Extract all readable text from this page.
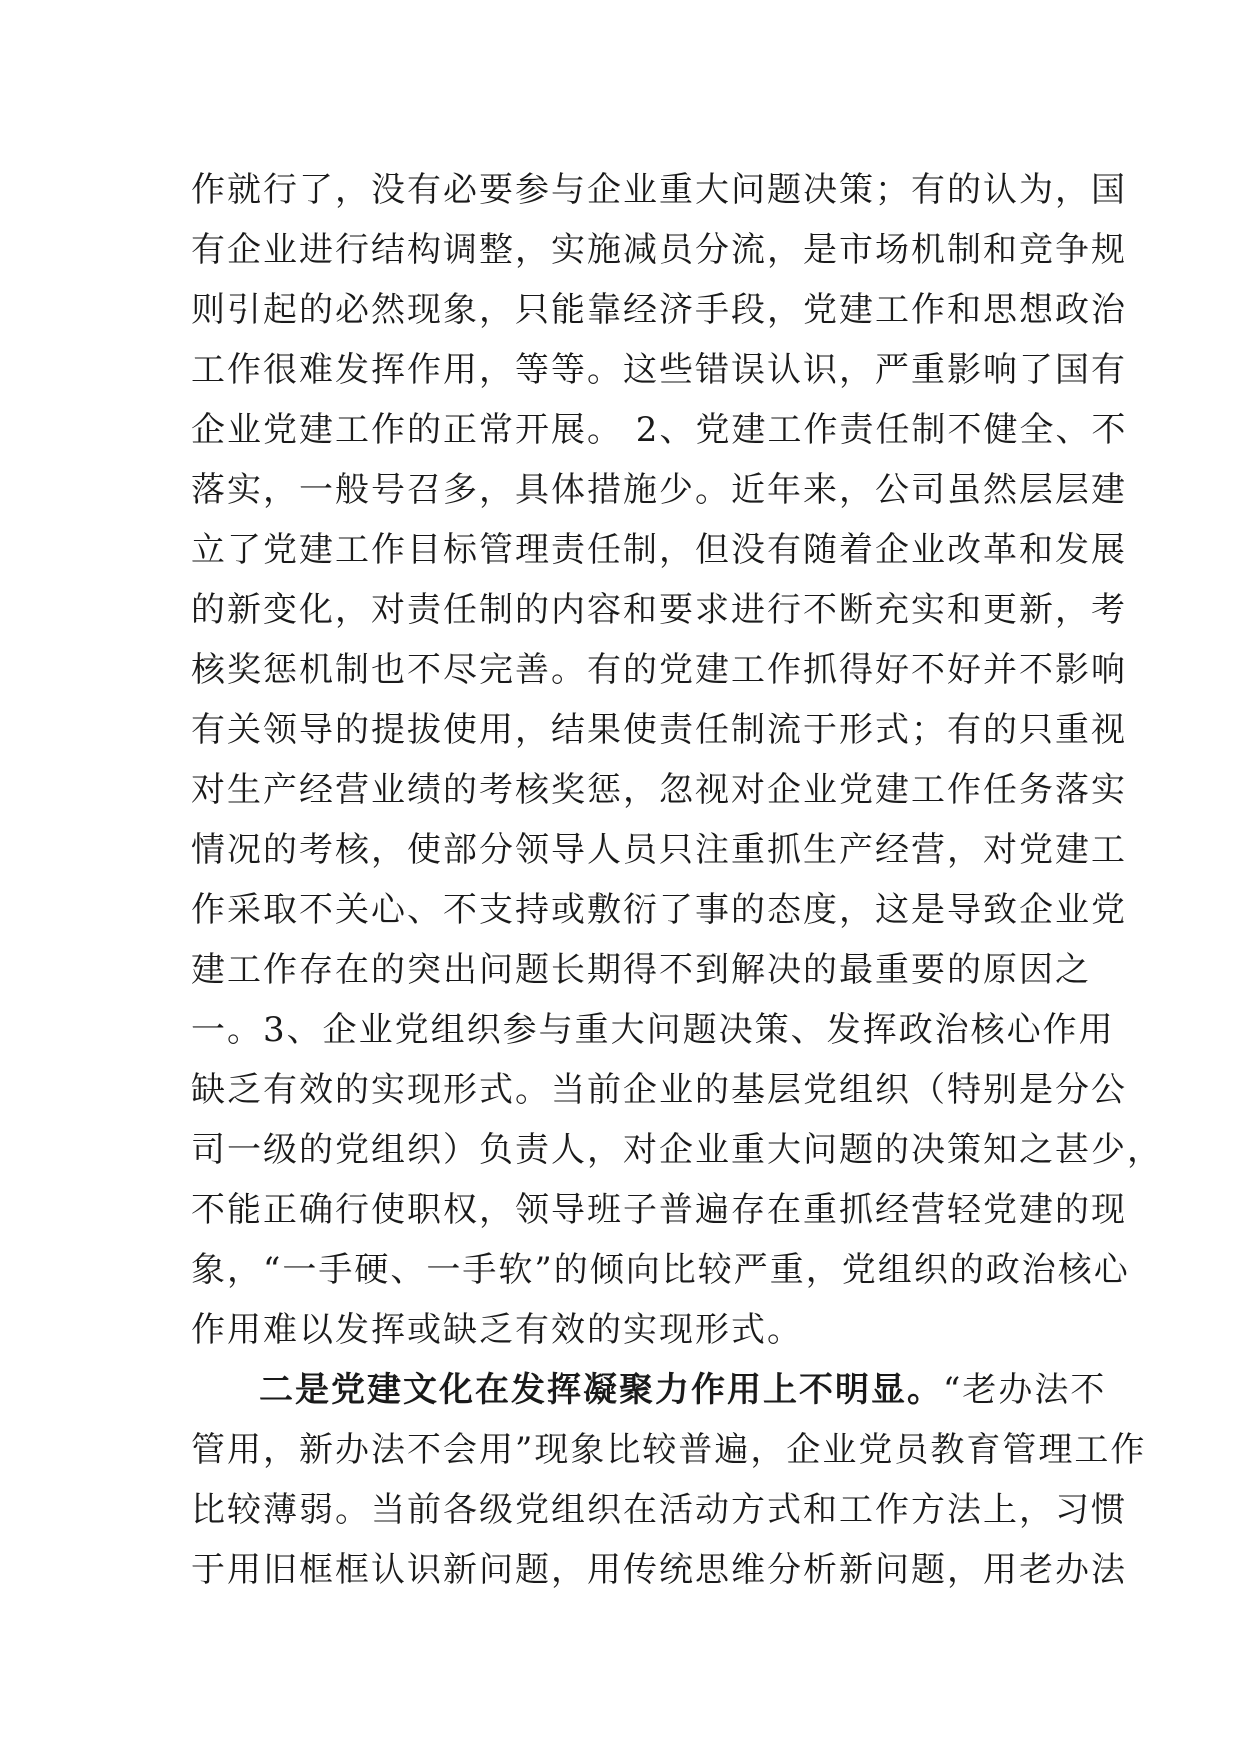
作就行了，没有必要参与企业重大问题决策；有的认为，国
有企业进行结构调整，实施减员分流，是市场机制和竞争规
则引起的必然现象，只能靠经济手段，党建工作和思想政治
工作很难发挥作用，等等。这些错误认识，严重影响了国有
企业党建工作的正常开展。 2、党建工作责任制不健全、不
落实，一般号召多，具体措施少。近年来，公司虽然层层建
立了党建工作目标管理责任制，但没有随着企业改革和发展
的新变化，对责任制的内容和要求进行不断充实和更新，考
核奖惩机制也不尽完善。有的党建工作抓得好不好并不影响
有关领导的提拔使用，结果使责任制流于形式；有的只重视
对生产经营业绩的考核奖惩，忽视对企业党建工作任务落实
情况的考核，使部分领导人员只注重抓生产经营，对党建工
作采取不关心、不支持或敷衍了事的态度，这是导致企业党
建工作存在的突出问题长期得不到解决的最重要的原因之
一。3、企业党组织参与重大问题决策、发挥政治核心作用
缺乏有效的实现形式。当前企业的基层党组织（特别是分公
司一级的党组织）负责人，对企业重大问题的决策知之甚少，
不能正确行使职权，领导班子普遍存在重抓经营轻党建的现
象，“一手硬、一手软”的倾向比较严重，党组织的政治核心
作用难以发挥或缺乏有效的实现形式。
二是党建文化在发挥凝聚力作用上不明显。“老办法不
管用，新办法不会用”现象比较普遍，企业党员教育管理工作
比较薄弱。当前各级党组织在活动方式和工作方法上，习惯
于用旧框框认识新问题，用传统思维分析新问题，用老办法
